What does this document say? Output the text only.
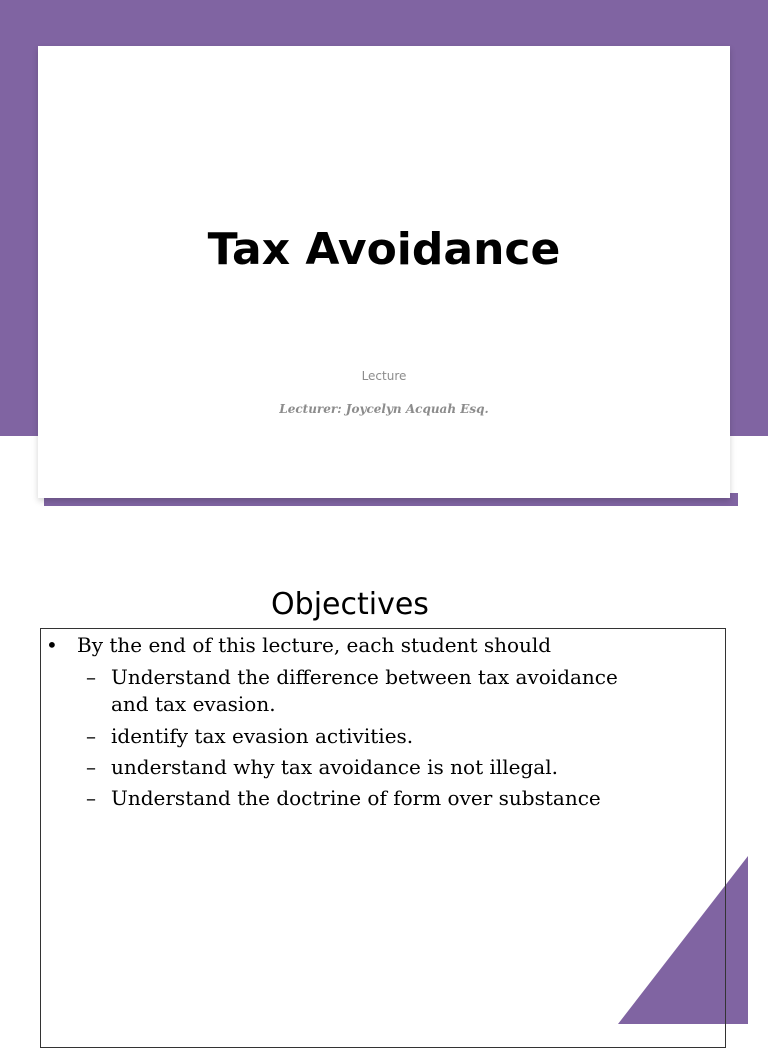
Tax Avoidance
Lecture
Lecturer: Joycelyn Acquah Esq.
Objectives
• By the end of this lecture, each student should
– Understand the difference between tax avoidance
and tax evasion.
– identify tax evasion activities.
– understand why tax avoidance is not illegal.
– Understand the doctrine of form over substance
